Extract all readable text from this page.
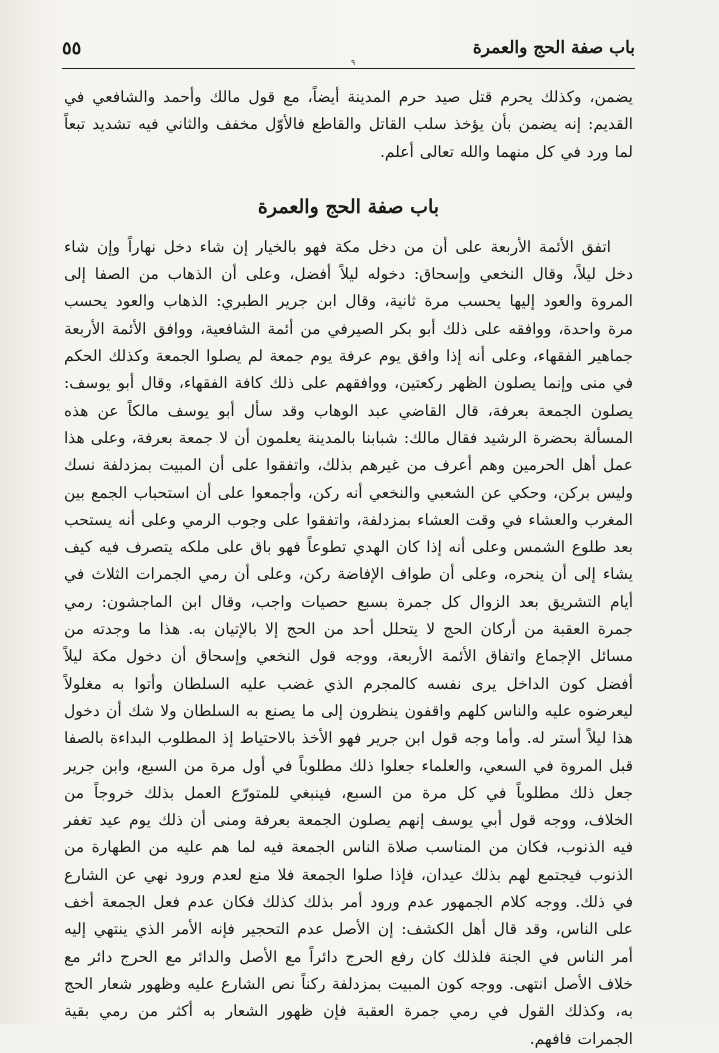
باب صفة الحج والعمرة
٥٥
٩

يضمن، وكذلك يحرم قتل صيد حرم المدينة أيضاً، مع قول مالك وأحمد والشافعي في القديم: إنه يضمن بأن يؤخذ سلب القاتل والقاطع فالأوّل مخفف والثاني فيه تشديد تبعاً لما ورد في كل منهما والله تعالى أعلم.

باب صفة الحج والعمرة

اتفق الأئمة الأربعة على أن من دخل مكة فهو بالخيار إن شاء دخل نهاراً وإن شاء دخل ليلاً، وقال النخعي وإسحاق: دخوله ليلاً أفضل، وعلى أن الذهاب من الصفا إلى المروة والعود إليها يحسب مرة ثانية، وقال ابن جرير الطبري: الذهاب والعود يحسب مرة واحدة، ووافقه على ذلك أبو بكر الصيرفي من أئمة الشافعية، ووافق الأئمة الأربعة جماهير الفقهاء، وعلى أنه إذا وافق يوم عرفة يوم جمعة لم يصلوا الجمعة وكذلك الحكم في منى وإنما يصلون الظهر ركعتين، ووافقهم على ذلك كافة الفقهاء، وقال أبو يوسف: يصلون الجمعة بعرفة، قال القاضي عبد الوهاب وقد سأل أبو يوسف مالكاً عن هذه المسألة بحضرة الرشيد فقال مالك: شبابنا بالمدينة يعلمون أن لا جمعة بعرفة، وعلى هذا عمل أهل الحرمين وهم أعرف من غيرهم بذلك، واتفقوا على أن المبيت بمزدلفة نسك وليس بركن، وحكي عن الشعبي والنخعي أنه ركن، وأجمعوا على أن استحباب الجمع بين المغرب والعشاء في وقت العشاء بمزدلفة، واتفقوا على وجوب الرمي وعلى أنه يستحب بعد طلوع الشمس وعلى أنه إذا كان الهدي تطوعاً فهو باق على ملكه يتصرف فيه كيف يشاء إلى أن ينحره، وعلى أن طواف الإفاضة ركن، وعلى أن رمي الجمرات الثلاث في أيام التشريق بعد الزوال كل جمرة بسبع حصيات واجب، وقال ابن الماجشون: رمي جمرة العقبة من أركان الحج لا يتحلل أحد من الحج إلا بالإتيان به. هذا ما وجدته من مسائل الإجماع واتفاق الأئمة الأربعة، ووجه قول النخعي وإسحاق أن دخول مكة ليلاً أفضل كون الداخل يرى نفسه كالمجرم الذي غضب عليه السلطان وأتوا به مغلولاً ليعرضوه عليه والناس كلهم واقفون ينظرون إلى ما يصنع به السلطان ولا شك أن دخول هذا ليلاً أستر له. وأما وجه قول ابن جرير فهو الأخذ بالاحتياط إذ المطلوب البداءة بالصفا قبل المروة في السعي، والعلماء جعلوا ذلك مطلوباً في أول مرة من السبع، وابن جرير جعل ذلك مطلوباً في كل مرة من السبع، فينبغي للمتورّع العمل بذلك خروجاً من الخلاف، ووجه قول أبي يوسف إنهم يصلون الجمعة بعرفة ومنى أن ذلك يوم عيد تغفر فيه الذنوب، فكان من المناسب صلاة الناس الجمعة فيه لما هم عليه من الطهارة من الذنوب فيجتمع لهم بذلك عيدان، فإذا صلوا الجمعة فلا منع لعدم ورود نهي عن الشارع في ذلك. ووجه كلام الجمهور عدم ورود أمر بذلك كذلك فكان عدم فعل الجمعة أخف على الناس، وقد قال أهل الكشف: إن الأصل عدم التحجير فإنه الأمر الذي ينتهي إليه أمر الناس في الجنة فلذلك كان رفع الحرج دائراً مع الأصل والدائر مع الحرج دائر مع خلاف الأصل انتهى. ووجه كون المبيت بمزدلفة ركناً نص الشارع عليه وظهور شعار الحج به، وكذلك القول في رمي جمرة العقبة فإن ظهور الشعار به أكثر من رمي بقية الجمرات فافهم.
